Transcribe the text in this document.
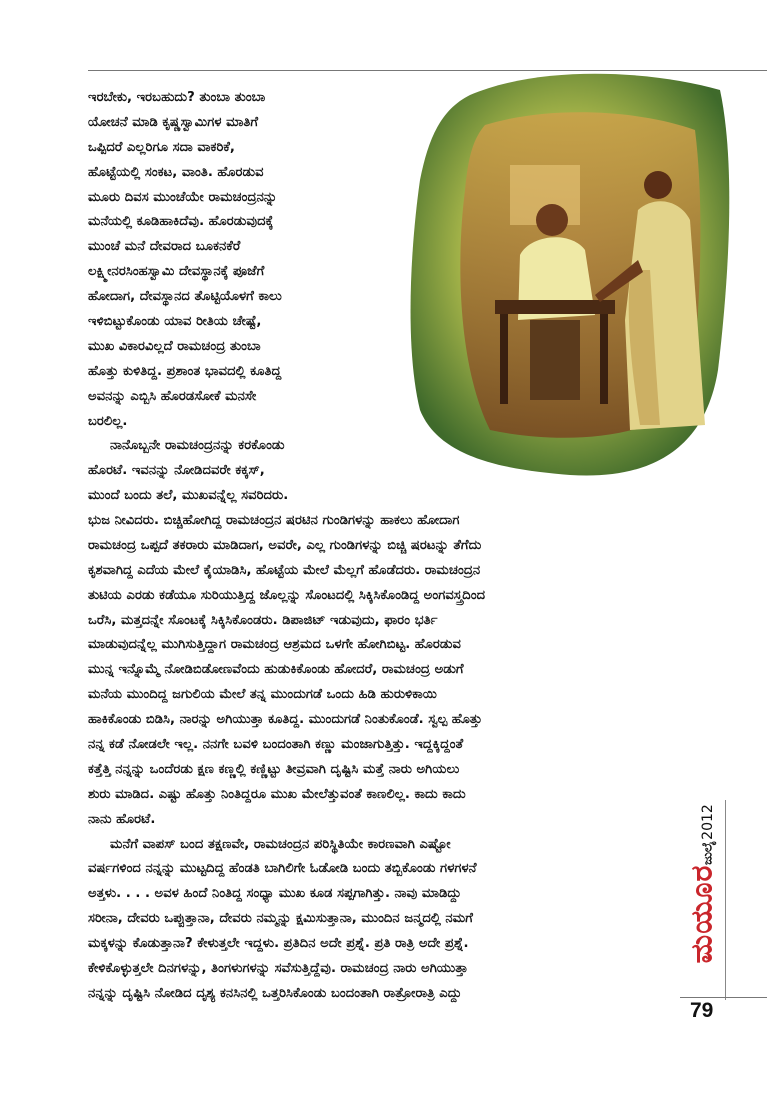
ಇರಬೇಕು, ಇರಬಹುದು? ತುಂಬಾ ತುಂಬಾ
ಯೋಚನೆ ಮಾಡಿ ಕೃಷ್ಣಸ್ವಾಮಿಗಳ ಮಾತಿಗೆ
ಒಪ್ಪಿದರೆ ಎಲ್ಲರಿಗೂ ಸದಾ ವಾಕರಿಕೆ,
ಹೊಟ್ಟೆಯಲ್ಲಿ ಸಂಕಟ, ವಾಂತಿ. ಹೊರಡುವ
ಮೂರು ದಿವಸ ಮುಂಚೆಯೇ ರಾಮಚಂದ್ರನನ್ನು
ಮನೆಯಲ್ಲಿ ಕೂಡಿಹಾಕಿದೆವು. ಹೊರಡುವುದಕ್ಕೆ
ಮುಂಚೆ ಮನೆ ದೇವರಾದ ಬೂಕನಕೆರೆ
ಲಕ್ಷ್ಮೀನರಸಿಂಹಸ್ವಾಮಿ ದೇವಸ್ಥಾನಕ್ಕೆ ಪೂಜೆಗೆ
ಹೋದಾಗ, ದೇವಸ್ಥಾನದ ತೊಟ್ಟಿಯೊಳಗೆ ಕಾಲು
ಇಳಿಬಿಟ್ಟುಕೊಂಡು ಯಾವ ರೀತಿಯ ಚೇಷ್ಟೆ,
ಮುಖ ವಿಕಾರವಿಲ್ಲದೆ ರಾಮಚಂದ್ರ ತುಂಬಾ
ಹೊತ್ತು ಕುಳಿತಿದ್ದ. ಪ್ರಶಾಂತ ಭಾವದಲ್ಲಿ ಕೂತಿದ್ದ
ಅವನನ್ನು ಎಬ್ಬಿಸಿ ಹೊರಡಸೋಕೆ ಮನಸೇ
ಬರಲಿಲ್ಲ.
ನಾನೊಬ್ಬನೇ ರಾಮಚಂದ್ರನನ್ನು ಕರಕೊಂಡು
ಹೊರಟೆ. ಇವನನ್ನು ನೋಡಿದವರೇ ಕಕ್ಕಸ್,
ಮುಂದೆ ಬಂದು ತಲೆ, ಮುಖವನ್ನೆಲ್ಲ ಸವರಿದರು.
ಭುಜ ನೀವಿದರು. ಬಿಚ್ಚಿಹೋಗಿದ್ದ ರಾಮಚಂದ್ರನ ಷರಟಿನ ಗುಂಡಿಗಳನ್ನು ಹಾಕಲು ಹೋದಾಗ
ರಾಮಚಂದ್ರ ಒಪ್ಪದೆ ತಕರಾರು ಮಾಡಿದಾಗ, ಅವರೇ, ಎಲ್ಲ ಗುಂಡಿಗಳನ್ನು ಬಿಚ್ಚಿ ಷರಟನ್ನು ತೆಗೆದು
ಕೃಶವಾಗಿದ್ದ ಎದೆಯ ಮೇಲೆ ಕೈಯಾಡಿಸಿ, ಹೊಟ್ಟೆಯ ಮೇಲೆ ಮೆಲ್ಲಗೆ ಹೊಡೆದರು. ರಾಮಚಂದ್ರನ
ತುಟಿಯ ಎರಡು ಕಡೆಯೂ ಸುರಿಯುತ್ತಿದ್ದ ಜೊಲ್ಲನ್ನು ಸೊಂಟದಲ್ಲಿ ಸಿಕ್ಕಿಸಿಕೊಂಡಿದ್ದ ಅಂಗವಸ್ತ್ರದಿಂದ
ಒರೆಸಿ, ಮತ್ತದನ್ನೇ ಸೊಂಟಕ್ಕೆ ಸಿಕ್ಕಿಸಿಕೊಂಡರು. ಡಿಪಾಜಿಟ್ ಇಡುವುದು, ಫಾರಂ ಭರ್ತಿ
ಮಾಡುವುದನ್ನೆಲ್ಲ ಮುಗಿಸುತ್ತಿದ್ದಾಗ ರಾಮಚಂದ್ರ ಆಶ್ರಮದ ಒಳಗೇ ಹೋಗಿಬಿಟ್ಟ. ಹೊರಡುವ
ಮುನ್ನ ಇನ್ನೊಮ್ಮೆ ನೋಡಿಬಿಡೋಣವೆಂದು ಹುಡುಕಿಕೊಂಡು ಹೋದರೆ, ರಾಮಚಂದ್ರ ಅಡುಗೆ
ಮನೆಯ ಮುಂದಿದ್ದ ಜಗುಲಿಯ ಮೇಲೆ ತನ್ನ ಮುಂದುಗಡೆ ಒಂದು ಹಿಡಿ ಹುರುಳಿಕಾಯಿ
ಹಾಕಿಕೊಂಡು ಬಿಡಿಸಿ, ನಾರನ್ನು ಅಗಿಯುತ್ತಾ ಕೂತಿದ್ದ. ಮುಂದುಗಡೆ ನಿಂತುಕೊಂಡೆ. ಸ್ವಲ್ಪ ಹೊತ್ತು
ನನ್ನ ಕಡೆ ನೋಡಲೇ ಇಲ್ಲ. ನನಗೇ ಬವಳಿ ಬಂದಂತಾಗಿ ಕಣ್ಣು ಮಂಜಾಗುತ್ತಿತ್ತು. ಇದ್ದಕ್ಕಿದ್ದಂತೆ
ಕತ್ತೆತ್ತಿ ನನ್ನನ್ನು ಒಂದೆರಡು ಕ್ಷಣ ಕಣ್ಣಲ್ಲಿ ಕಣ್ಣಿಟ್ಟು ತೀವ್ರವಾಗಿ ದೃಷ್ಟಿಸಿ ಮತ್ತೆ ನಾರು ಅಗಿಯಲು
ಶುರು ಮಾಡಿದ. ಎಷ್ಟು ಹೊತ್ತು ನಿಂತಿದ್ದರೂ ಮುಖ ಮೇಲೆತ್ತುವಂತೆ ಕಾಣಲಿಲ್ಲ. ಕಾದು ಕಾದು
ನಾನು ಹೊರಟೆ.
ಮನೆಗೆ ವಾಪಸ್ ಬಂದ ತಕ್ಷಣವೇ, ರಾಮಚಂದ್ರನ ಪರಿಸ್ಥಿತಿಯೇ ಕಾರಣವಾಗಿ ಎಷ್ಟೋ
ವರ್ಷಗಳಿಂದ ನನ್ನನ್ನು ಮುಟ್ಟದಿದ್ದ ಹೆಂಡತಿ ಬಾಗಿಲಿಗೇ ಓಡೋಡಿ ಬಂದು ತಬ್ಬಿಕೊಂಡು ಗಳಗಳನೆ
ಅತ್ತಳು. . . . ಅವಳ ಹಿಂದೆ ನಿಂತಿದ್ದ ಸಂಧ್ಯಾ ಮುಖ ಕೂಡ ಸಪ್ಪಗಾಗಿತ್ತು. ನಾವು ಮಾಡಿದ್ದು
ಸರೀನಾ, ದೇವರು ಒಪ್ಪುತ್ತಾನಾ, ದೇವರು ನಮ್ಮನ್ನು ಕ್ಷಮಿಸುತ್ತಾನಾ, ಮುಂದಿನ ಜನ್ಮದಲ್ಲಿ ನಮಗೆ
ಮಕ್ಕಳನ್ನು ಕೊಡುತ್ತಾನಾ? ಕೇಳುತ್ತಲೇ ಇದ್ದಳು. ಪ್ರತಿದಿನ ಅದೇ ಪ್ರಶ್ನೆ. ಪ್ರತಿ ರಾತ್ರಿ ಅದೇ ಪ್ರಶ್ನೆ.
ಕೇಳಿಕೊಳ್ಳುತ್ತಲೇ ದಿನಗಳನ್ನು, ತಿಂಗಳುಗಳನ್ನು ಸವೆಸುತ್ತಿದ್ದೆವು. ರಾಮಚಂದ್ರ ನಾರು ಅಗಿಯುತ್ತಾ
ನನ್ನನ್ನು ದೃಷ್ಟಿಸಿ ನೋಡಿದ ದೃಶ್ಯ ಕನಸಿನಲ್ಲಿ ಒತ್ತರಿಸಿಕೊಂಡು ಬಂದಂತಾಗಿ ರಾತ್ರೋರಾತ್ರಿ ಎದ್ದು
ಮಯೂರ
ಜುಲೈ
2012
79
